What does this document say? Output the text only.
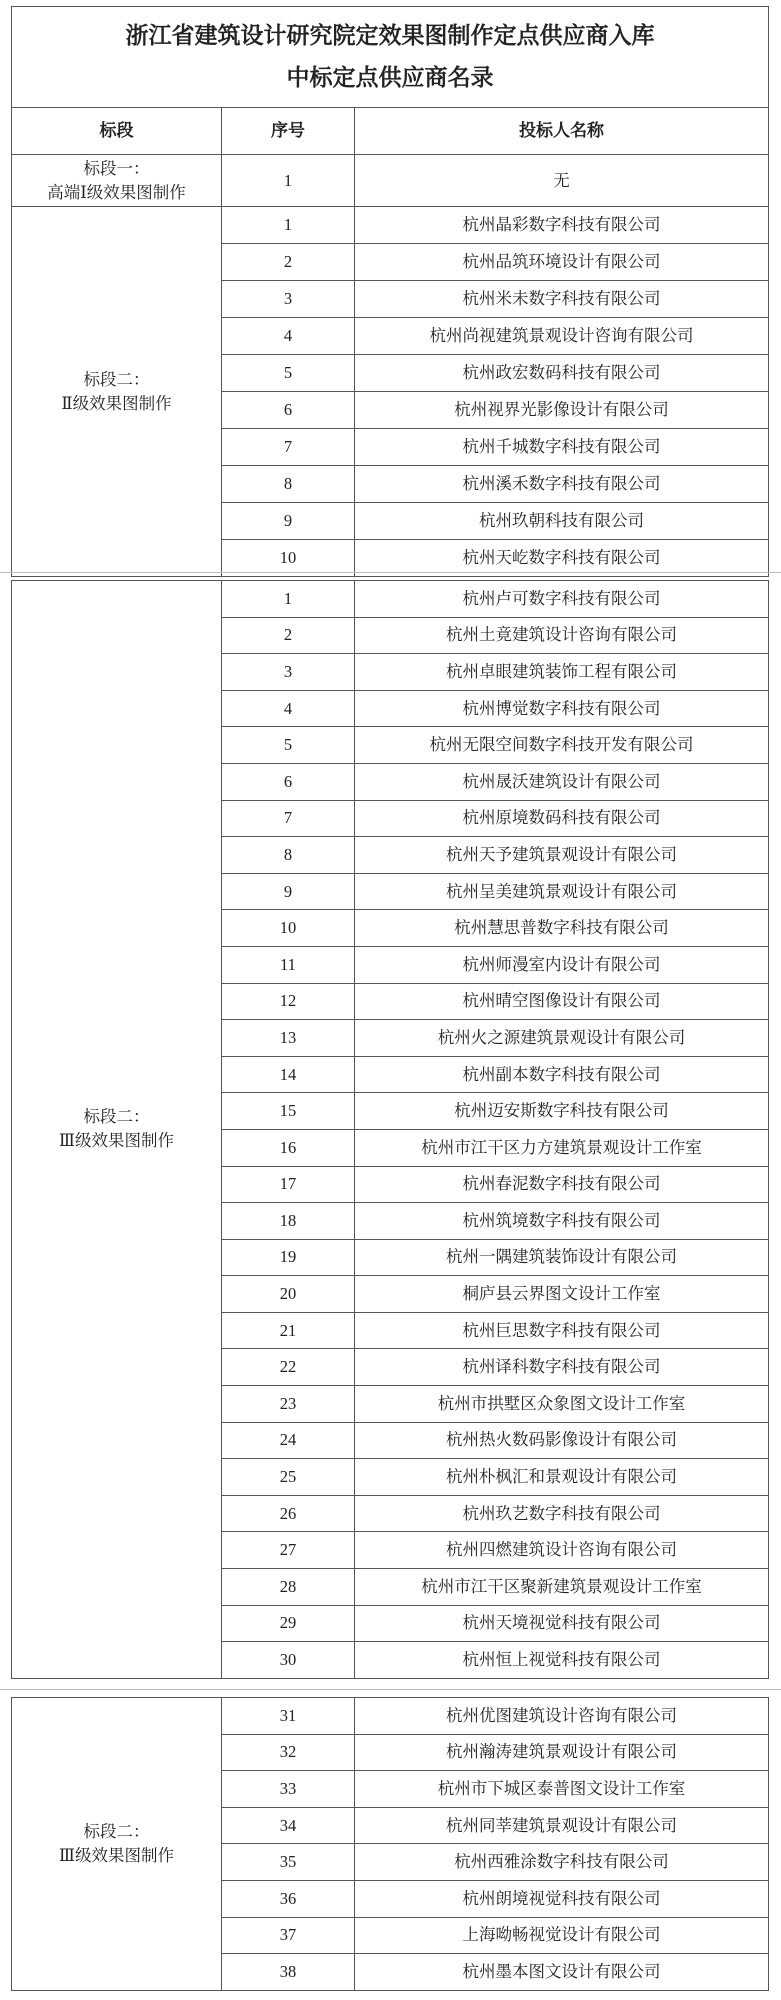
浙江省建筑设计研究院定效果图制作定点供应商入库
中标定点供应商名录		

标段	序号	投标人名称

标段一：
高端Ⅰ级效果图制作	1	无

标段二：
Ⅱ级效果图制作	1	杭州晶彩数字科技有限公司
	2	杭州品筑环境设计有限公司
	3	杭州米未数字科技有限公司
	4	杭州尚视建筑景观设计咨询有限公司
	5	杭州政宏数码科技有限公司
	6	杭州视界光影像设计有限公司
	7	杭州千城数字科技有限公司
	8	杭州溪禾数字科技有限公司
	9	杭州玖朝科技有限公司
	10	杭州天屹数字科技有限公司
标段二：
Ⅲ级效果图制作	1	杭州卢可数字科技有限公司
	2	杭州土竟建筑设计咨询有限公司
	3	杭州卓眼建筑装饰工程有限公司
	4	杭州博觉数字科技有限公司
	5	杭州无限空间数字科技开发有限公司
	6	杭州晟沃建筑设计有限公司
	7	杭州原境数码科技有限公司
	8	杭州天予建筑景观设计有限公司
	9	杭州呈美建筑景观设计有限公司
	10	杭州慧思普数字科技有限公司
	11	杭州师漫室内设计有限公司
	12	杭州晴空图像设计有限公司
	13	杭州火之源建筑景观设计有限公司
	14	杭州副本数字科技有限公司
	15	杭州迈安斯数字科技有限公司
	16	杭州市江干区力方建筑景观设计工作室
	17	杭州春泥数字科技有限公司
	18	杭州筑境数字科技有限公司
	19	杭州一隅建筑装饰设计有限公司
	20	桐庐县云界图文设计工作室
	21	杭州巨思数字科技有限公司
	22	杭州译科数字科技有限公司
	23	杭州市拱墅区众象图文设计工作室
	24	杭州热火数码影像设计有限公司
	25	杭州朴枫汇和景观设计有限公司
	26	杭州玖艺数字科技有限公司
	27	杭州四燃建筑设计咨询有限公司
	28	杭州市江干区聚新建筑景观设计工作室
	29	杭州天境视觉科技有限公司
	30	杭州恒上视觉科技有限公司
标段二：
Ⅲ级效果图制作	31	杭州优图建筑设计咨询有限公司
	32	杭州瀚涛建筑景观设计有限公司
	33	杭州市下城区泰普图文设计工作室
	34	杭州同莘建筑景观设计有限公司
	35	杭州西雅涂数字科技有限公司
	36	杭州朗境视觉科技有限公司
	37	上海呦畅视觉设计有限公司
	38	杭州墨本图文设计有限公司
